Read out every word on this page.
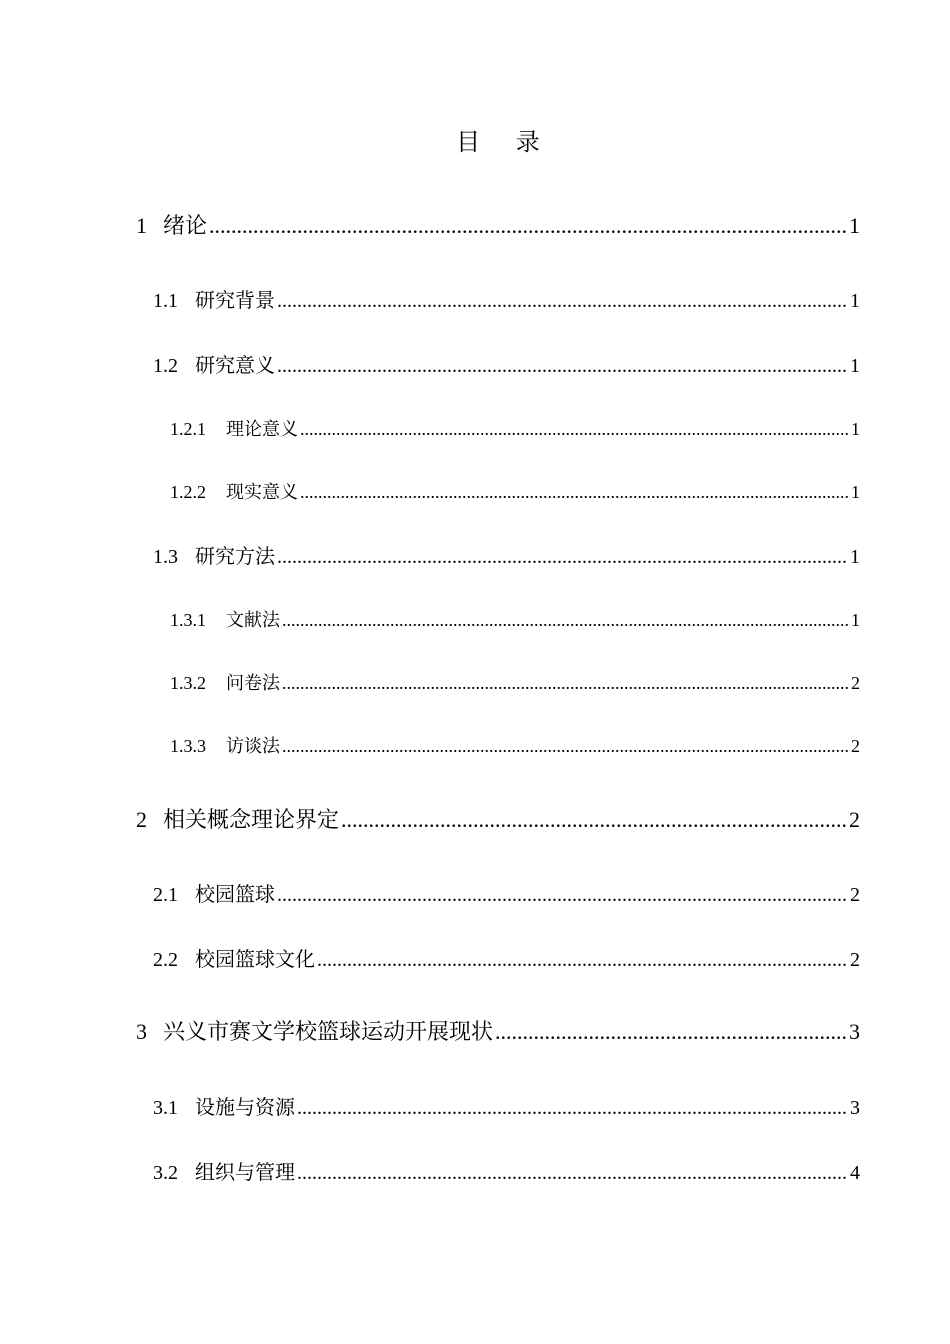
目 录
1 绪论 .....	1
1.1 研究背景 .....	1
1.2 研究意义 .....	1
1.2.1	理论意义 .....	1
1.2.2	现实意义 .....	1
1.3 研究方法 .....	1
1.3.1	文献法 .....	1
1.3.2	问卷法 .....	2
1.3.3	访谈法 .....	2
2 相关概念理论界定 .....	2
2.1 校园篮球 .....	2
2.2 校园篮球文化 .....	2
3 兴义市赛文学校篮球运动开展现状 .....	3
3.1 设施与资源 .....	3
3.2 组织与管理 .....	4
